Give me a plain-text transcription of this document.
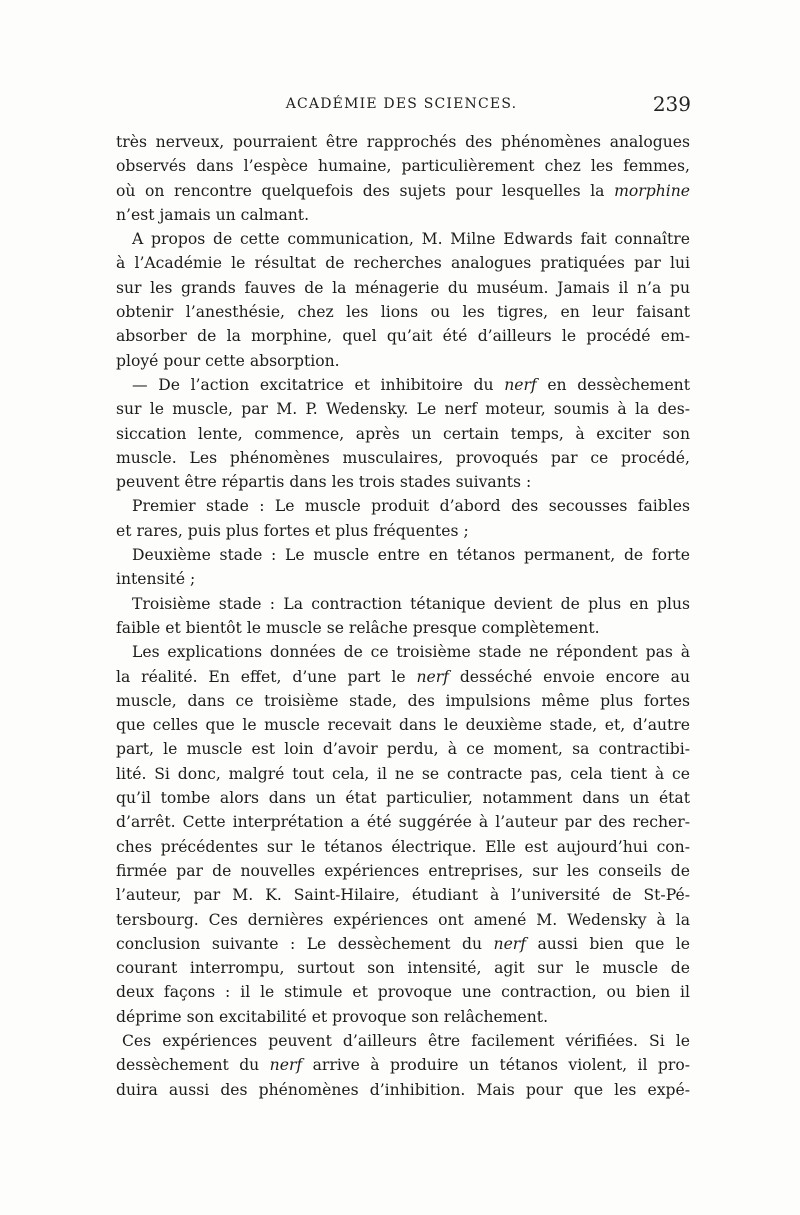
ACADÉMIE DES SCIENCES.	239
très nerveux, pourraient être rapprochés des phénomènes analogues
observés dans l’espèce humaine, particulièrement chez les femmes,
où on rencontre quelquefois des sujets pour lesquelles la morphine
n’est jamais un calmant.
A propos de cette communication, M. Milne Edwards fait connaître
à l’Académie le résultat de recherches analogues pratiquées par lui
sur les grands fauves de la ménagerie du muséum. Jamais il n’a pu
obtenir l’anesthésie, chez les lions ou les tigres, en leur faisant
absorber de la morphine, quel qu’ait été d’ailleurs le procédé em-
ployé pour cette absorption.
— De l’action excitatrice et inhibitoire du nerf en dessèchement
sur le muscle, par M. P. Wedensky. Le nerf moteur, soumis à la des-
siccation lente, commence, après un certain temps, à exciter son
muscle. Les phénomènes musculaires, provoqués par ce procédé,
peuvent être répartis dans les trois stades suivants :
Premier stade : Le muscle produit d’abord des secousses faibles
et rares, puis plus fortes et plus fréquentes ;
Deuxième stade : Le muscle entre en tétanos permanent, de forte
intensité ;
Troisième stade : La contraction tétanique devient de plus en plus
faible et bientôt le muscle se relâche presque complètement.
Les explications données de ce troisième stade ne répondent pas à
la réalité. En effet, d’une part le nerf desséché envoie encore au
muscle, dans ce troisième stade, des impulsions même plus fortes
que celles que le muscle recevait dans le deuxième stade, et, d’autre
part, le muscle est loin d’avoir perdu, à ce moment, sa contractibi-
lité. Si donc, malgré tout cela, il ne se contracte pas, cela tient à ce
qu’il tombe alors dans un état particulier, notamment dans un état
d’arrêt. Cette interprétation a été suggérée à l’auteur par des recher-
ches précédentes sur le tétanos électrique. Elle est aujourd’hui con-
firmée par de nouvelles expériences entreprises, sur les conseils de
l’auteur, par M. K. Saint-Hilaire, étudiant à l’université de St-Pé-
tersbourg. Ces dernières expériences ont amené M. Wedensky à la
conclusion suivante : Le dessèchement du nerf aussi bien que le
courant interrompu, surtout son intensité, agit sur le muscle de
deux façons : il le stimule et provoque une contraction, ou bien il
déprime son excitabilité et provoque son relâchement.
Ces expériences peuvent d’ailleurs être facilement vérifiées. Si le
dessèchement du nerf arrive à produire un tétanos violent, il pro-
duira aussi des phénomènes d’inhibition. Mais pour que les expé-
